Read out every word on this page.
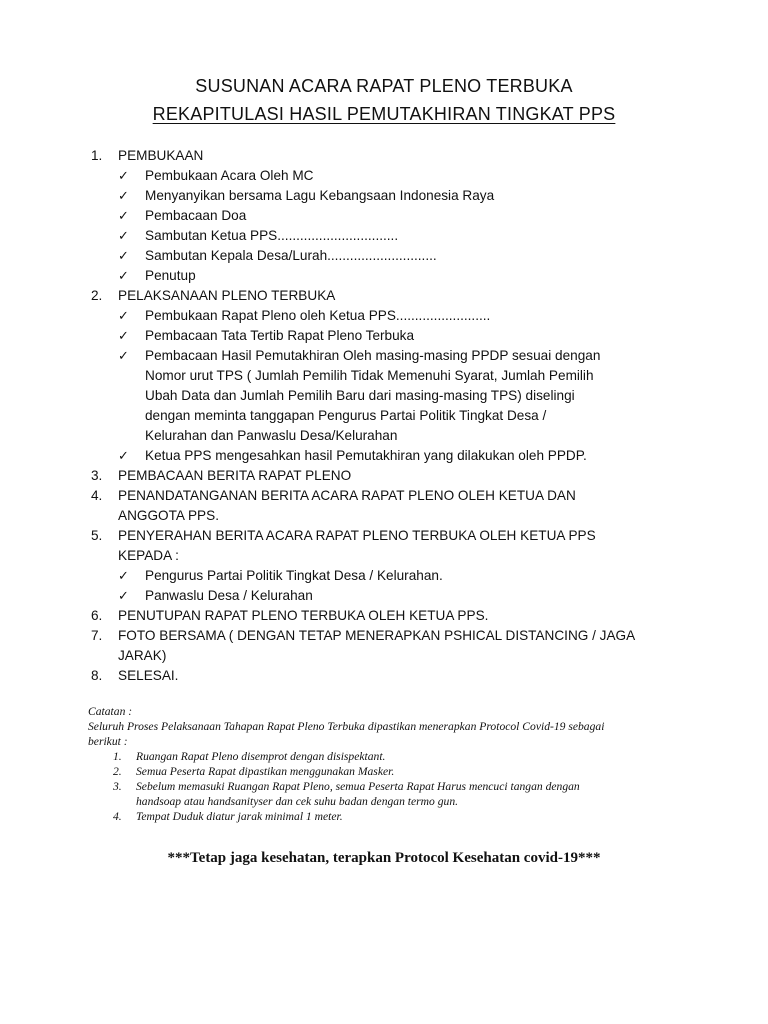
SUSUNAN ACARA RAPAT PLENO TERBUKA
REKAPITULASI HASIL PEMUTAKHIRAN TINGKAT PPS
1. PEMBUKAAN
✓ Pembukaan Acara Oleh MC
✓ Menyanyikan bersama Lagu Kebangsaan Indonesia Raya
✓ Pembacaan Doa
✓ Sambutan Ketua PPS................................
✓ Sambutan Kepala Desa/Lurah.............................
✓ Penutup
2. PELAKSANAAN PLENO TERBUKA
✓ Pembukaan Rapat Pleno oleh Ketua PPS.........................
✓ Pembacaan Tata Tertib Rapat Pleno Terbuka
✓ Pembacaan Hasil Pemutakhiran Oleh masing-masing PPDP sesuai dengan
Nomor urut TPS ( Jumlah Pemilih Tidak Memenuhi Syarat, Jumlah Pemilih
Ubah Data dan Jumlah Pemilih Baru dari masing-masing TPS) diselingi
dengan meminta tanggapan Pengurus Partai Politik Tingkat Desa /
Kelurahan dan Panwaslu Desa/Kelurahan
✓ Ketua PPS mengesahkan hasil Pemutakhiran yang dilakukan oleh PPDP.
3. PEMBACAAN BERITA RAPAT PLENO
4. PENANDATANGANAN BERITA ACARA RAPAT PLENO OLEH KETUA DAN
ANGGOTA PPS.
5. PENYERAHAN BERITA ACARA RAPAT PLENO TERBUKA OLEH KETUA PPS
KEPADA :
✓ Pengurus Partai Politik Tingkat Desa / Kelurahan.
✓ Panwaslu Desa / Kelurahan
6. PENUTUPAN RAPAT PLENO TERBUKA OLEH KETUA PPS.
7. FOTO BERSAMA ( DENGAN TETAP MENERAPKAN PSHICAL DISTANCING / JAGA
JARAK)
8. SELESAI.
Catatan :
Seluruh Proses Pelaksanaan Tahapan Rapat Pleno Terbuka dipastikan menerapkan Protocol Covid-19 sebagai
berikut :
1. Ruangan Rapat Pleno disemprot dengan disispektant.
2. Semua Peserta Rapat dipastikan menggunakan Masker.
3. Sebelum memasuki Ruangan Rapat Pleno, semua Peserta Rapat Harus mencuci tangan dengan
handsoap atau handsanityser dan cek suhu badan dengan termo gun.
4. Tempat Duduk diatur jarak minimal 1 meter.
***Tetap jaga kesehatan, terapkan Protocol Kesehatan covid-19***
